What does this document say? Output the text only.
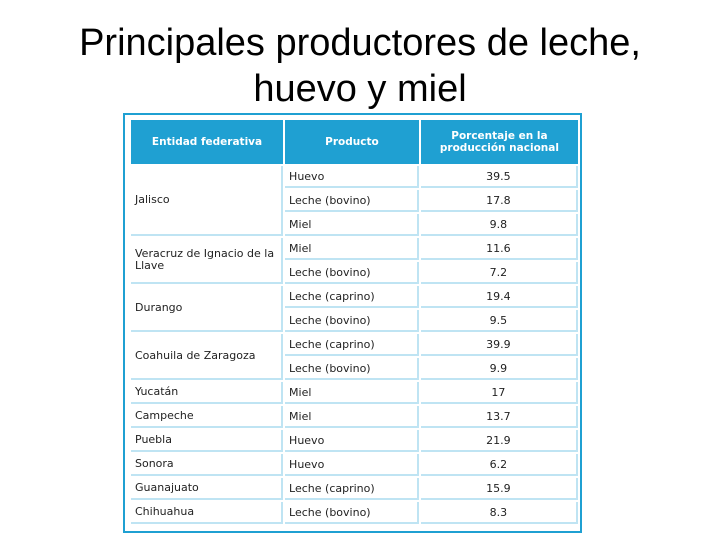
Principales productores de leche,
huevo y miel
Entidad federativa	Producto	Porcentaje en la producción nacional
Jalisco	Huevo	39.5
	Leche (bovino)	17.8
	Miel	9.8
Veracruz de Ignacio de la Llave	Miel	11.6
	Leche (bovino)	7.2
Durango	Leche (caprino)	19.4
	Leche (bovino)	9.5
Coahuila de Zaragoza	Leche (caprino)	39.9
	Leche (bovino)	9.9
Yucatán	Miel	17
Campeche	Miel	13.7
Puebla	Huevo	21.9
Sonora	Huevo	6.2
Guanajuato	Leche (caprino)	15.9
Chihuahua	Leche (bovino)	8.3
